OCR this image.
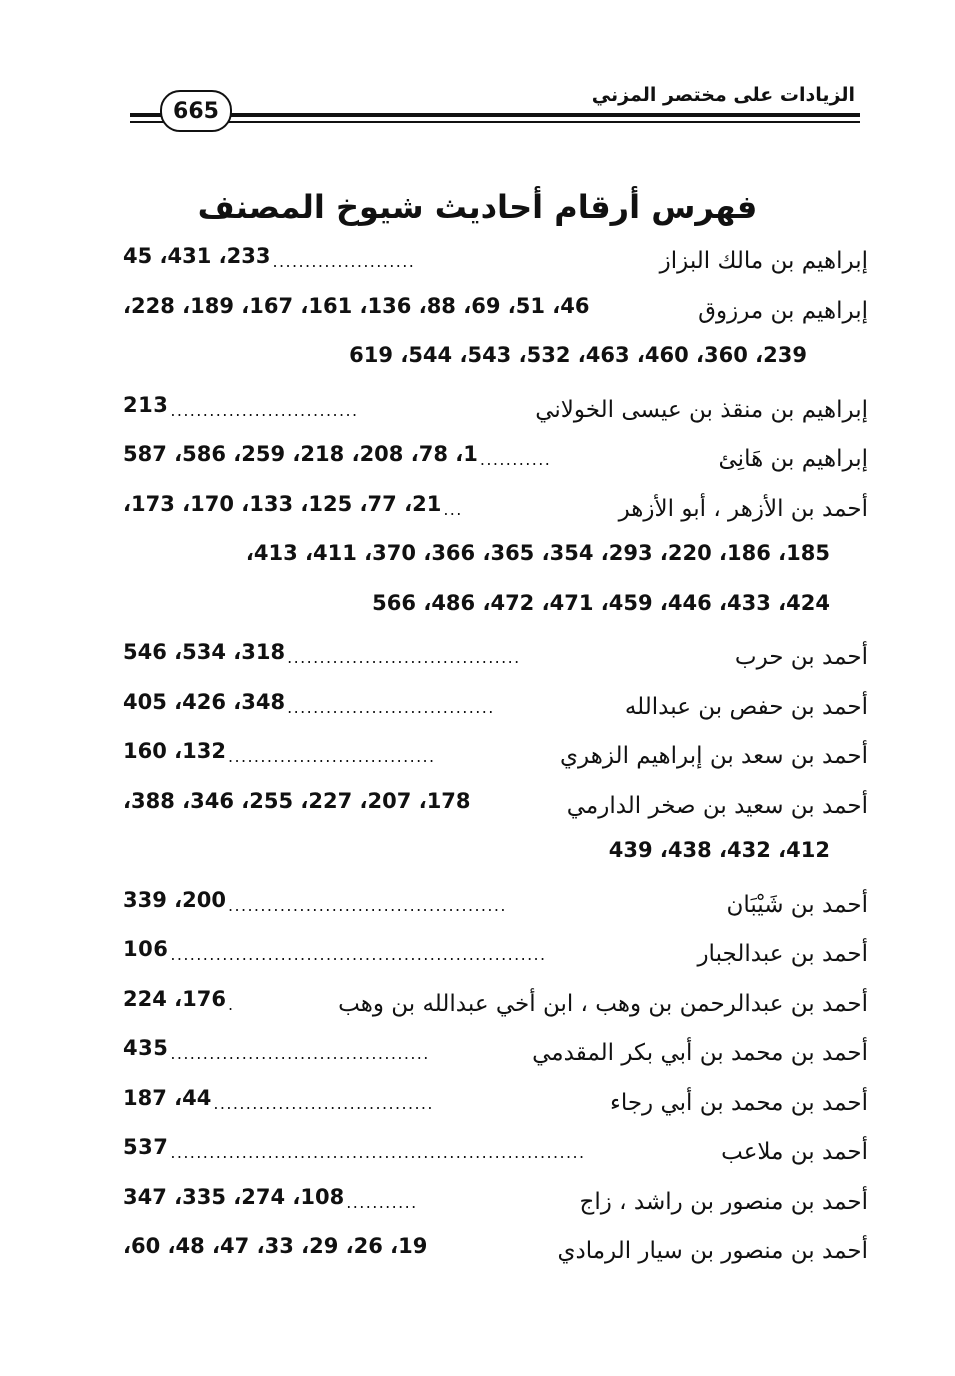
665
الزيادات على مختصر المزني
فهرس أرقام أحاديث شيوخ المصنف
إبراهيم بن مالك البزاز
......................
233، 431، 45
إبراهيم بن مرزوق
46، 51، 69، 88، 136، 161، 167، 189، 228،
239، 360، 460، 463، 532، 543، 544، 619
إبراهيم بن منقذ بن عيسى الخولاني
.............................
213
إبراهيم بن هَانِئ
...........
1، 78، 208، 218، 259، 586، 587
أحمد بن الأزهر ، أبو الأزهر
...
21، 77، 125، 133، 170، 173،
185، 186، 220، 293، 354، 365، 366، 370، 411، 413،
424، 433، 446، 459، 471، 472، 486، 566
أحمد بن حرب
....................................
318، 534، 546
أحمد بن حفص بن عبدالله
................................
348، 426، 405
أحمد بن سعد بن إبراهيم الزهري
................................
132، 160
أحمد بن سعيد بن صخر الدارمي
178، 207، 227، 255، 346، 388،
412، 432، 438، 439
أحمد بن شَيْبَان
...........................................
200، 339
أحمد بن عبدالجبار
..........................................................
106
أحمد بن عبدالرحمن بن وهب ، ابن أخي عبدالله بن وهب
.
176، 224
أحمد بن محمد بن أبي بكر المقدمي
........................................
435
أحمد بن محمد بن أبي رجاء
..................................
44، 187
أحمد بن ملاعب
................................................................
537
أحمد بن منصور بن راشد ، زاج
...........
108، 274، 335، 347
أحمد بن منصور بن سيار الرمادي
19، 26، 29، 33، 47، 48، 60،
